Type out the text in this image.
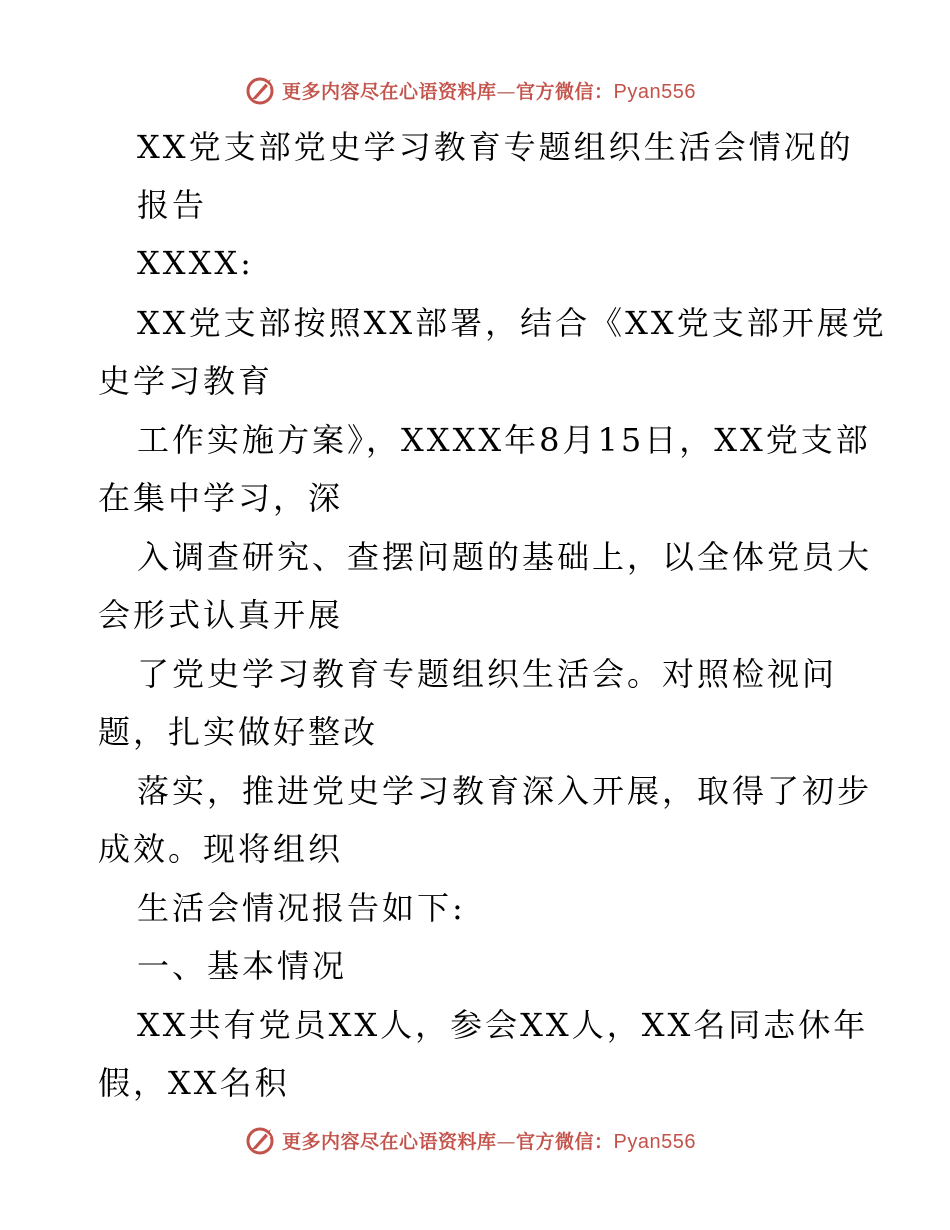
更多内容尽在心语资料库—官方微信：Pyan556
XX党支部党史学习教育专题组织生活会情况的
报告
XXXX:
XX党支部按照XX部署，结合《XX党支部开展党
史学习教育
工作实施方案》，XXXX年8月15日，XX党支部
在集中学习，深
入调查研究、查摆问题的基础上，以全体党员大
会形式认真开展
了党史学习教育专题组织生活会。对照检视问
题，扎实做好整改
落实，推进党史学习教育深入开展，取得了初步
成效。现将组织
生活会情况报告如下:
一、基本情况
XX共有党员XX人，参会XX人，XX名同志休年
假，XX名积
更多内容尽在心语资料库—官方微信：Pyan556
